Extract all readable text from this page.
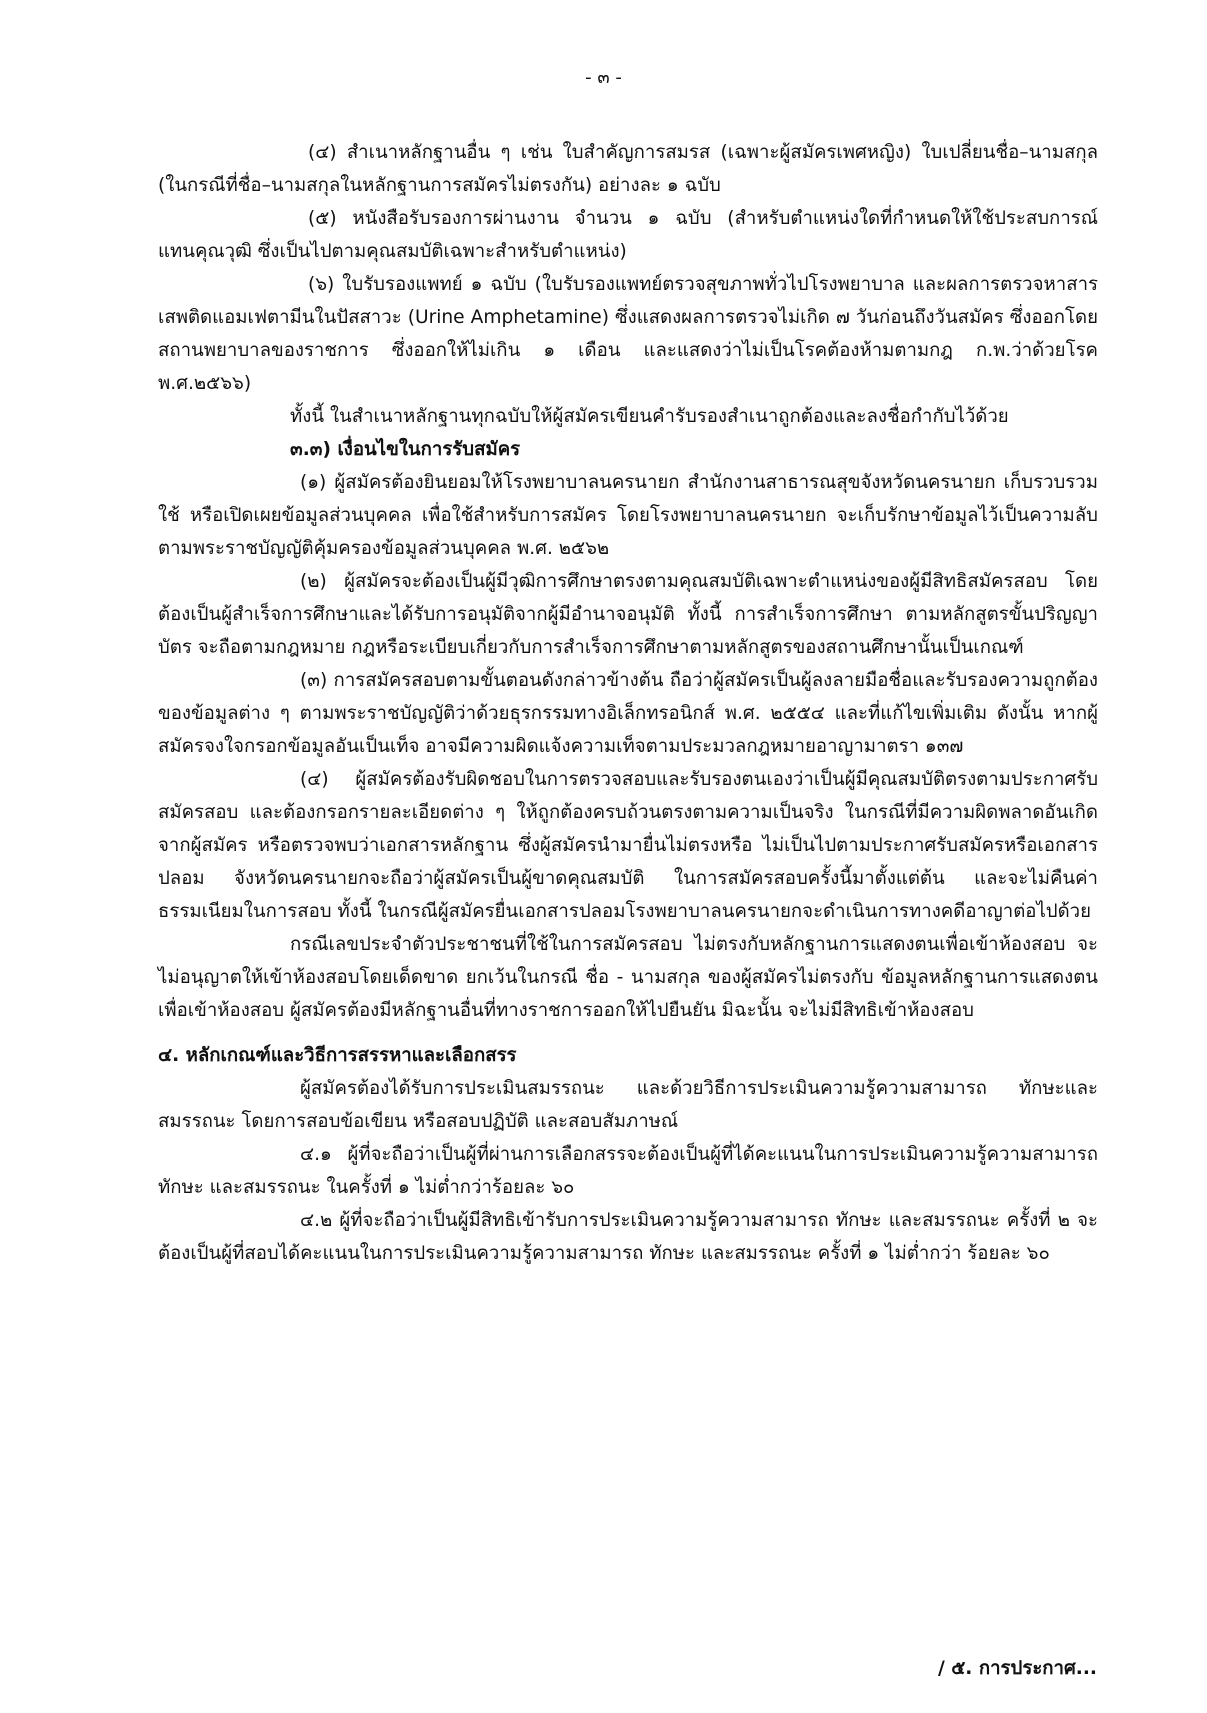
- ๓ -

(๔) สำเนาหลักฐานอื่น ๆ เช่น ใบสำคัญการสมรส (เฉพาะผู้สมัครเพศหญิง) ใบเปลี่ยนชื่อ–นามสกุล (ในกรณีที่ชื่อ–นามสกุลในหลักฐานการสมัครไม่ตรงกัน) อย่างละ ๑ ฉบับ

(๕) หนังสือรับรองการผ่านงาน จำนวน ๑ ฉบับ (สำหรับตำแหน่งใดที่กำหนดให้ใช้ประสบการณ์แทนคุณวุฒิ ซึ่งเป็นไปตามคุณสมบัติเฉพาะสำหรับตำแหน่ง)

(๖) ใบรับรองแพทย์ ๑ ฉบับ (ใบรับรองแพทย์ตรวจสุขภาพทั่วไปโรงพยาบาล และผลการตรวจหาสารเสพติดแอมเฟตามีนในปัสสาวะ (Urine Amphetamine) ซึ่งแสดงผลการตรวจไม่เกิด ๗ วันก่อนถึงวันสมัคร ซึ่งออกโดยสถานพยาบาลของราชการ ซึ่งออกให้ไม่เกิน ๑ เดือน และแสดงว่าไม่เป็นโรคต้องห้ามตามกฎ ก.พ.ว่าด้วยโรค พ.ศ.๒๕๖๖)

ทั้งนี้ ในสำเนาหลักฐานทุกฉบับให้ผู้สมัครเขียนคำรับรองสำเนาถูกต้องและลงชื่อกำกับไว้ด้วย

๓.๓) เงื่อนไขในการรับสมัคร

(๑) ผู้สมัครต้องยินยอมให้โรงพยาบาลนครนายก สำนักงานสาธารณสุขจังหวัดนครนายก เก็บรวบรวมใช้ หรือเปิดเผยข้อมูลส่วนบุคคล เพื่อใช้สำหรับการสมัคร โดยโรงพยาบาลนครนายก จะเก็บรักษาข้อมูลไว้เป็นความลับตามพระราชบัญญัติคุ้มครองข้อมูลส่วนบุคคล พ.ศ. ๒๕๖๒

(๒) ผู้สมัครจะต้องเป็นผู้มีวุฒิการศึกษาตรงตามคุณสมบัติเฉพาะตำแหน่งของผู้มีสิทธิสมัครสอบ โดยต้องเป็นผู้สำเร็จการศึกษาและได้รับการอนุมัติจากผู้มีอำนาจอนุมัติ ทั้งนี้ การสำเร็จการศึกษา ตามหลักสูตรขั้นปริญญาบัตร จะถือตามกฎหมาย กฎหรือระเบียบเกี่ยวกับการสำเร็จการศึกษาตามหลักสูตรของสถานศึกษานั้นเป็นเกณฑ์

(๓) การสมัครสอบตามขั้นตอนดังกล่าวข้างต้น ถือว่าผู้สมัครเป็นผู้ลงลายมือชื่อและรับรองความถูกต้องของข้อมูลต่าง ๆ ตามพระราชบัญญัติว่าด้วยธุรกรรมทางอิเล็กทรอนิกส์ พ.ศ. ๒๕๕๔ และที่แก้ไขเพิ่มเติม ดังนั้น หากผู้สมัครจงใจกรอกข้อมูลอันเป็นเท็จ อาจมีความผิดแจ้งความเท็จตามประมวลกฎหมายอาญามาตรา ๑๓๗

(๔) ผู้สมัครต้องรับผิดชอบในการตรวจสอบและรับรองตนเองว่าเป็นผู้มีคุณสมบัติตรงตามประกาศรับสมัครสอบ และต้องกรอกรายละเอียดต่าง ๆ ให้ถูกต้องครบถ้วนตรงตามความเป็นจริง ในกรณีที่มีความผิดพลาดอันเกิดจากผู้สมัคร หรือตรวจพบว่าเอกสารหลักฐาน ซึ่งผู้สมัครนำมายื่นไม่ตรงหรือ ไม่เป็นไปตามประกาศรับสมัครหรือเอกสารปลอม จังหวัดนครนายกจะถือว่าผู้สมัครเป็นผู้ขาดคุณสมบัติ ในการสมัครสอบครั้งนี้มาตั้งแต่ต้น และจะไม่คืนค่าธรรมเนียมในการสอบ ทั้งนี้ ในกรณีผู้สมัครยื่นเอกสารปลอมโรงพยาบาลนครนายกจะดำเนินการทางคดีอาญาต่อไปด้วย

กรณีเลขประจำตัวประชาชนที่ใช้ในการสมัครสอบ ไม่ตรงกับหลักฐานการแสดงตนเพื่อเข้าห้องสอบ จะไม่อนุญาตให้เข้าห้องสอบโดยเด็ดขาด ยกเว้นในกรณี ชื่อ - นามสกุล ของผู้สมัครไม่ตรงกับ ข้อมูลหลักฐานการแสดงตนเพื่อเข้าห้องสอบ ผู้สมัครต้องมีหลักฐานอื่นที่ทางราชการออกให้ไปยืนยัน มิฉะนั้น จะไม่มีสิทธิเข้าห้องสอบ

๔. หลักเกณฑ์และวิธีการสรรหาและเลือกสรร

ผู้สมัครต้องได้รับการประเมินสมรรถนะ และด้วยวิธีการประเมินความรู้ความสามารถ ทักษะและสมรรถนะ โดยการสอบข้อเขียน หรือสอบปฏิบัติ และสอบสัมภาษณ์

๔.๑ ผู้ที่จะถือว่าเป็นผู้ที่ผ่านการเลือกสรรจะต้องเป็นผู้ที่ได้คะแนนในการประเมินความรู้ความสามารถ ทักษะ และสมรรถนะ ในครั้งที่ ๑ ไม่ต่ำกว่าร้อยละ ๖๐

๔.๒ ผู้ที่จะถือว่าเป็นผู้มีสิทธิเข้ารับการประเมินความรู้ความสามารถ ทักษะ และสมรรถนะ ครั้งที่ ๒ จะต้องเป็นผู้ที่สอบได้คะแนนในการประเมินความรู้ความสามารถ ทักษะ และสมรรถนะ ครั้งที่ ๑ ไม่ต่ำกว่า ร้อยละ ๖๐

/ ๕. การประกาศ...
